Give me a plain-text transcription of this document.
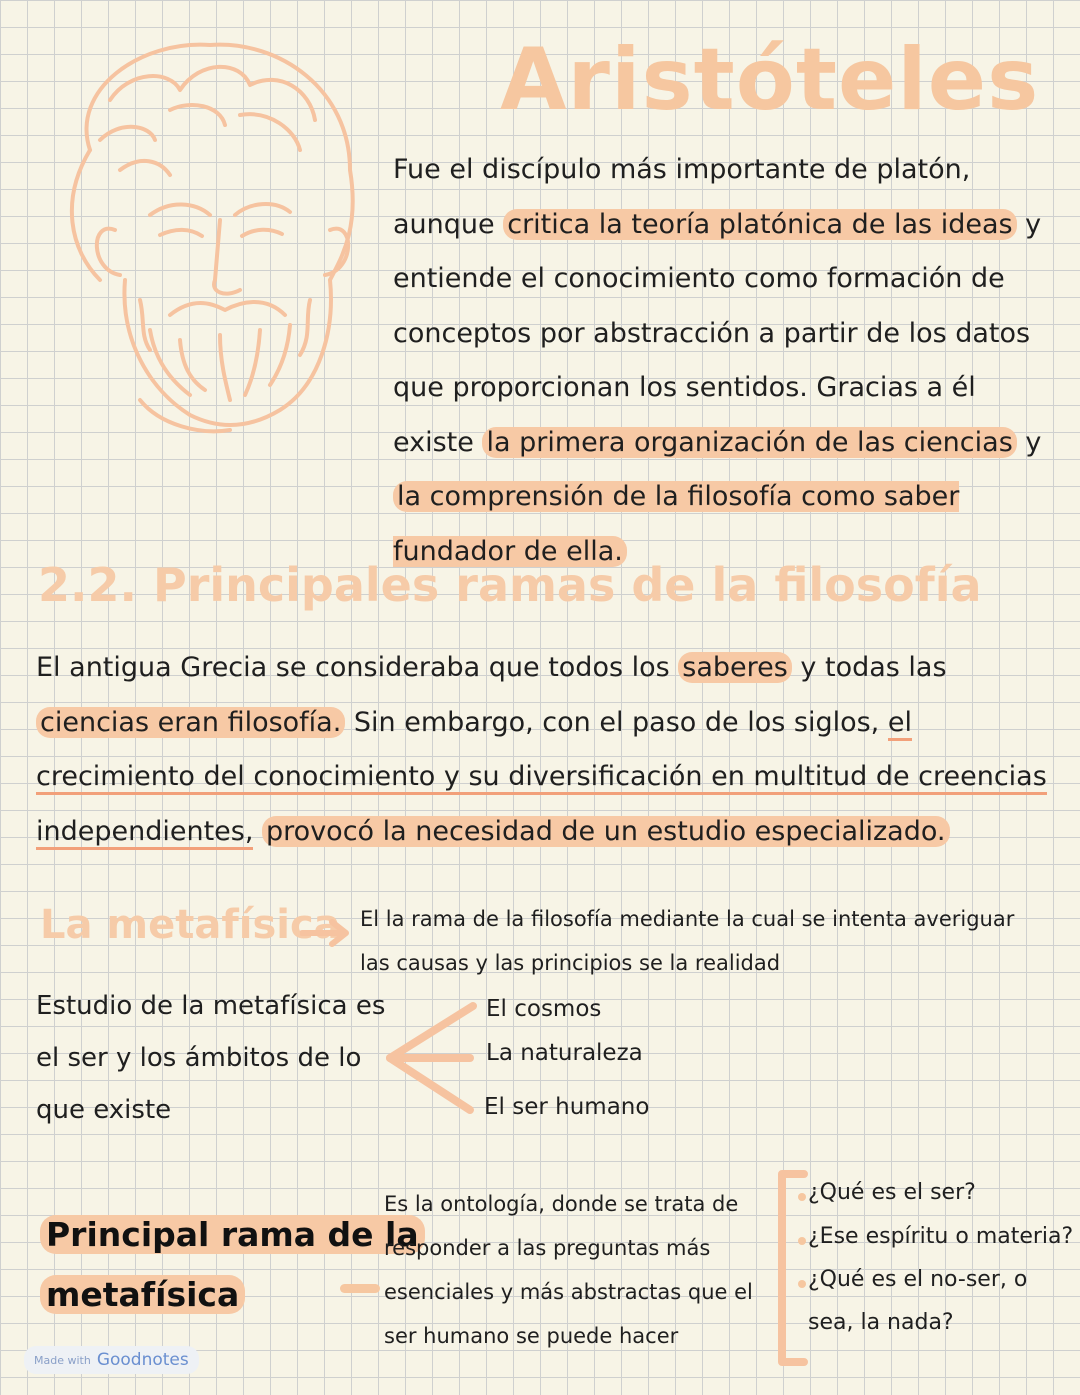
Aristóteles
Fue el discípulo más importante de platón, aunque critica la teoría platónica de las ideas y entiende el conocimiento como formación de conceptos por abstracción a partir de los datos que proporcionan los sentidos. Gracias a él existe la primera organización de las ciencias y la comprensión de la filosofía como saber fundador de ella.
2.2. Principales ramas de la filosofía
El antigua Grecia se consideraba que todos los saberes y todas las ciencias eran filosofía. Sin embargo, con el paso de los siglos, el crecimiento del conocimiento y su diversificación en multitud de creencias independientes, provocó la necesidad de un estudio especializado.
La metafísica El la rama de la filosofía mediante la cual se intenta averiguar las causas y las principios se la realidad
Estudio de la metafísica es el ser y los ámbitos de lo que existe
El cosmos
La naturaleza
El ser humano
Principal rama de la
metafísica
Es la ontología, donde se trata de responder a las preguntas más esenciales y más abstractas que el ser humano se puede hacer
¿Qué es el ser?
¿Ese espíritu o materia?
¿Qué es el no-ser, o
sea, la nada?
Made with Goodnotes
